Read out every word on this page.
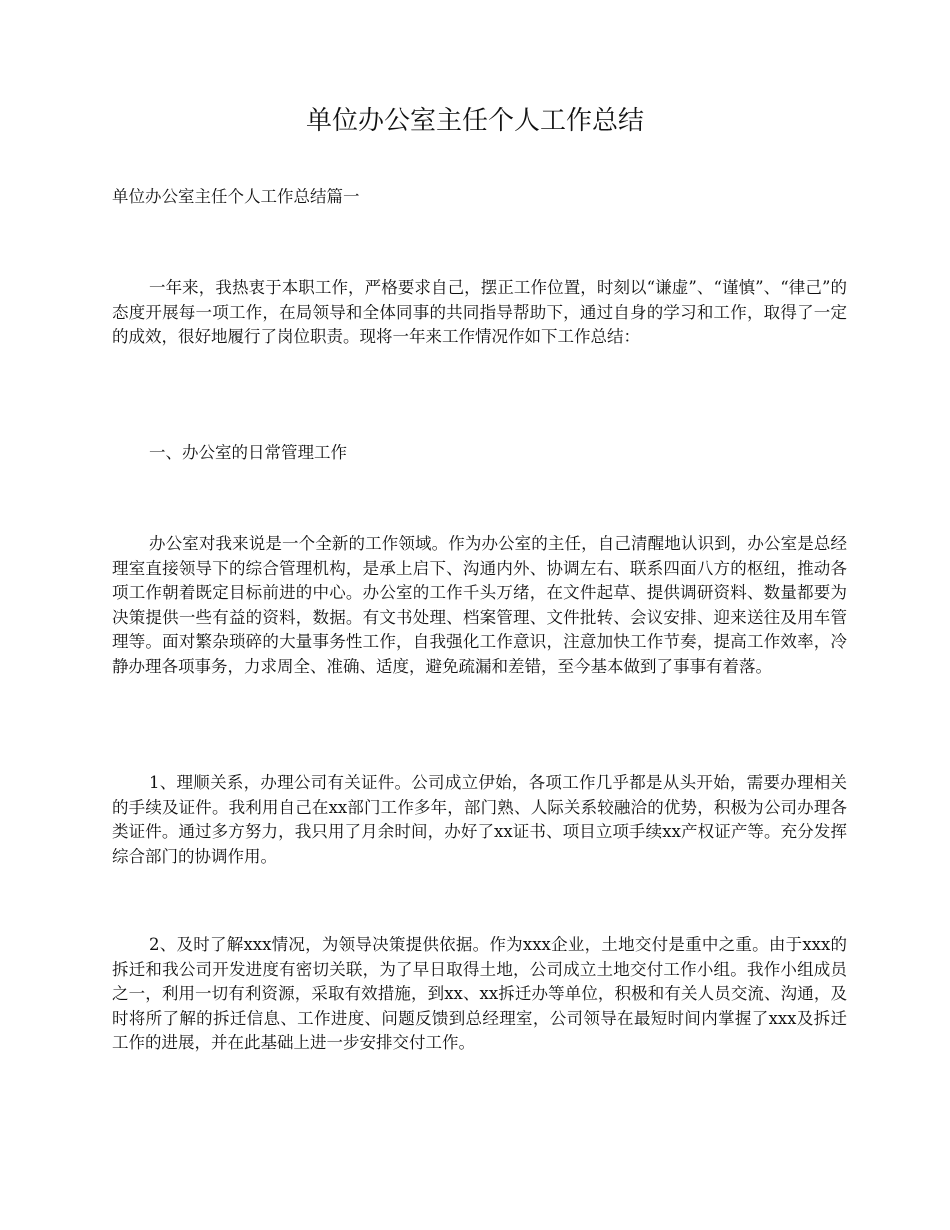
单位办公室主任个人工作总结

单位办公室主任个人工作总结篇一

一年来，我热衷于本职工作，严格要求自己，摆正工作位置，时刻以“谦虚”、“谨慎”、“律己”的态度开展每一项工作，在局领导和全体同事的共同指导帮助下，通过自身的学习和工作，取得了一定的成效，很好地履行了岗位职责。现将一年来工作情况作如下工作总结：

一、办公室的日常管理工作

办公室对我来说是一个全新的工作领域。作为办公室的主任，自己清醒地认识到，办公室是总经理室直接领导下的综合管理机构，是承上启下、沟通内外、协调左右、联系四面八方的枢纽，推动各项工作朝着既定目标前进的中心。办公室的工作千头万绪，在文件起草、提供调研资料、数量都要为决策提供一些有益的资料，数据。有文书处理、档案管理、文件批转、会议安排、迎来送往及用车管理等。面对繁杂琐碎的大量事务性工作，自我强化工作意识，注意加快工作节奏，提高工作效率，冷静办理各项事务，力求周全、准确、适度，避免疏漏和差错，至今基本做到了事事有着落。

1、理顺关系，办理公司有关证件。公司成立伊始，各项工作几乎都是从头开始，需要办理相关的手续及证件。我利用自己在xx部门工作多年，部门熟、人际关系较融洽的优势，积极为公司办理各类证件。通过多方努力，我只用了月余时间，办好了xx证书、项目立项手续xx产权证产等。充分发挥综合部门的协调作用。

2、及时了解xxx情况，为领导决策提供依据。作为xxx企业，土地交付是重中之重。由于xxx的拆迁和我公司开发进度有密切关联，为了早日取得土地，公司成立土地交付工作小组。我作小组成员之一，利用一切有利资源，采取有效措施，到xx、xx拆迁办等单位，积极和有关人员交流、沟通，及时将所了解的拆迁信息、工作进度、问题反馈到总经理室，公司领导在最短时间内掌握了xxx及拆迁工作的进展，并在此基础上进一步安排交付工作。
